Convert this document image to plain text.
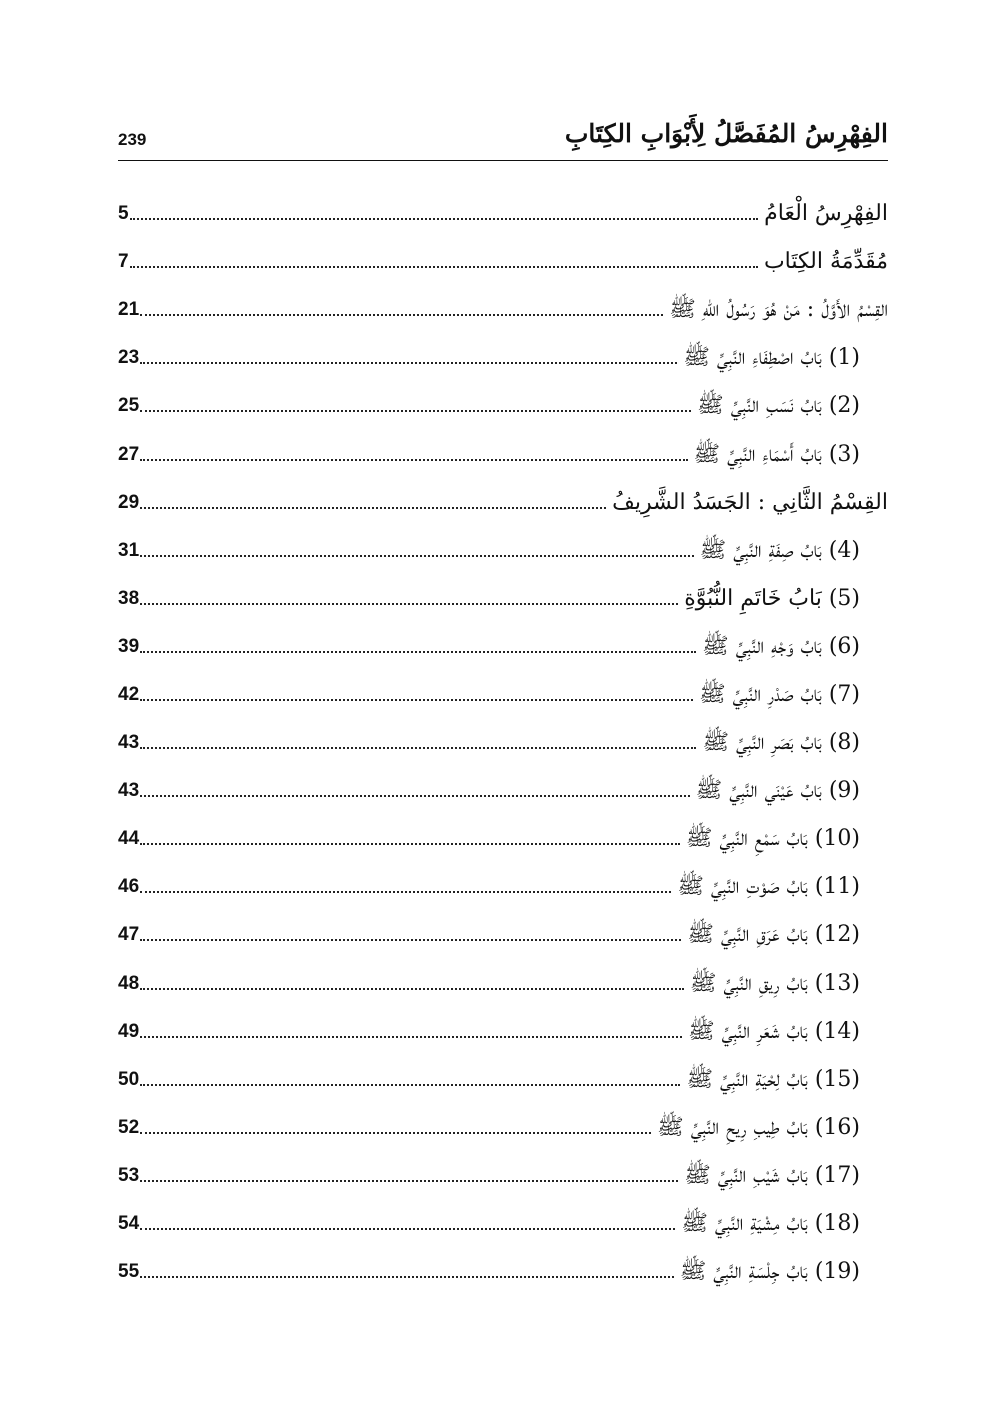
الفِهْرِسُ المُفَصَّلُ لِأَبْوَابِ الكِتَابِ
239
5	الفِهْرِسُ الْعَامُ
7	مُقَدِّمَةُ الكِتَاب
21	القِسْمُ الأَوَّلُ : مَنْ هُوَ رَسُولُ اللهِ ﷺ
23	(1) بَابُ اصْطِفَاءِ النَّبِيِّ ﷺ
25	(2) بَابُ نَسَبِ النَّبِيِّ ﷺ
27	(3) بَابُ أَسْمَاءِ النَّبِيِّ ﷺ
29	القِسْمُ الثَّانِي : الجَسَدُ الشَّرِيفُ
31	(4) بَابُ صِفَةِ النَّبِيِّ ﷺ
38	(5) بَابُ خَاتَمِ النُّبُوَّةِ
39	(6) بَابُ وَجْهِ النَّبِيِّ ﷺ
42	(7) بَابُ صَدْرِ النَّبِيِّ ﷺ
43	(8) بَابُ بَصَرِ النَّبِيِّ ﷺ
43	(9) بَابُ عَيْنَي النَّبِيِّ ﷺ
44	(10) بَابُ سَمْعِ النَّبِيِّ ﷺ
46	(11) بَابُ صَوْتِ النَّبِيِّ ﷺ
47	(12) بَابُ عَرَقِ النَّبِيِّ ﷺ
48	(13) بَابُ رِيقِ النَّبِيِّ ﷺ
49	(14) بَابُ شَعَرِ النَّبِيِّ ﷺ
50	(15) بَابُ لِحْيَةِ النَّبِيِّ ﷺ
52	(16) بَابُ طِيبِ رِيحِ النَّبِيِّ ﷺ
53	(17) بَابُ شَيْبِ النَّبِيِّ ﷺ
54	(18) بَابُ مِشْيَةِ النَّبِيِّ ﷺ
55	(19) بَابُ جِلْسَةِ النَّبِيِّ ﷺ
